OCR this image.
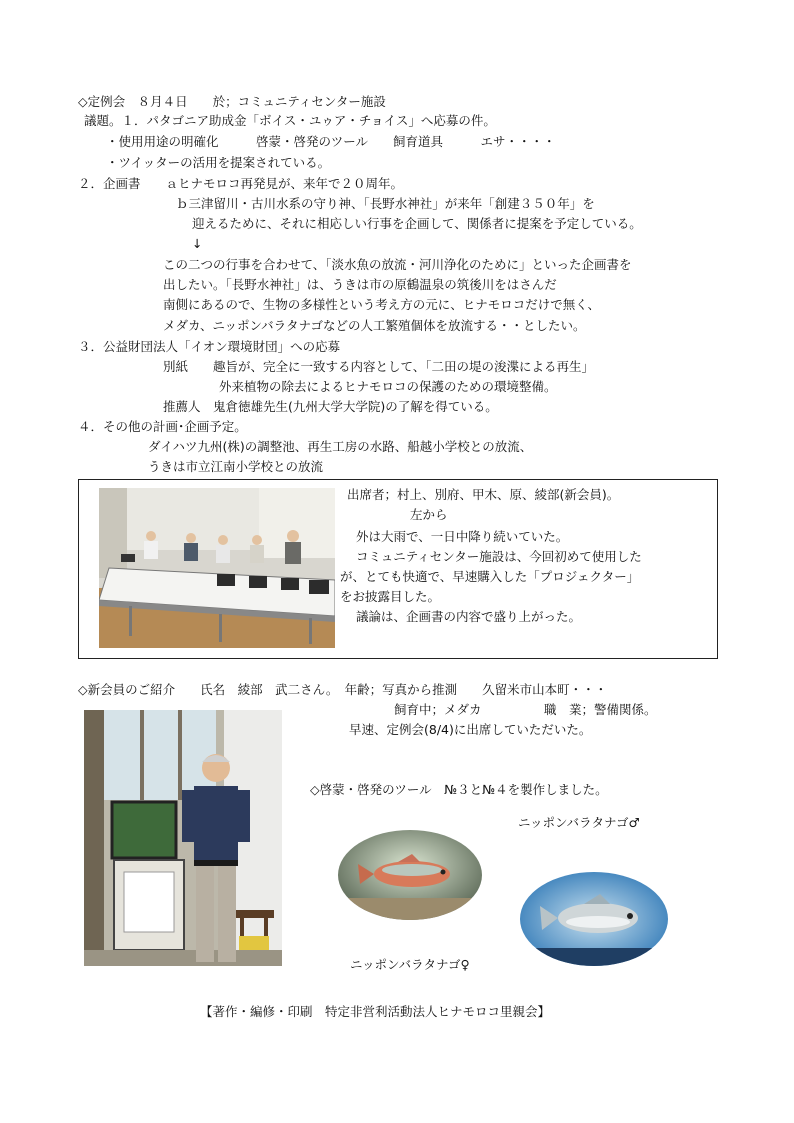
◇定例会　８月４日　　於；コミュニティセンター施設
議題。１．パタゴニア助成金「ボイス・ユゥア・チョイス」へ応募の件。
・使用用途の明確化　　　啓蒙・啓発のツール　　飼育道具　　　エサ・・・・
・ツイッターの活用を提案されている。
２．企画書　　ａヒナモロコ再発見が、来年で２０周年。
ｂ三津留川・古川水系の守り神、「長野水神社」が来年「創建３５０年」を
迎えるために、それに相応しい行事を企画して、関係者に提案を予定している。
↓
この二つの行事を合わせて、「淡水魚の放流・河川浄化のために」といった企画書を
出したい。「長野水神社」は、うきは市の原鶴温泉の筑後川をはさんだ
南側にあるので、生物の多様性という考え方の元に、ヒナモロコだけで無く、
メダカ、ニッポンバラタナゴなどの人工繁殖個体を放流する・・としたい。
３．公益財団法人「イオン環境財団」への応募
別紙　　趣旨が、完全に一致する内容として、「二田の堤の浚渫による再生」
外来植物の除去によるヒナモロコの保護のための環境整備。
推薦人　鬼倉徳雄先生(九州大学大学院)の了解を得ている。
４．その他の計画･企画予定。
ダイハツ九州(株)の調整池、再生工房の水路、船越小学校との放流、
うきは市立江南小学校との放流
出席者；村上、別府、甲木、原、綾部(新会員)。
左から
外は大雨で、一日中降り続いていた。
コミュニティセンター施設は、今回初めて使用した
が、とても快適で、早速購入した「プロジェクター」
をお披露目した。
議論は、企画書の内容で盛り上がった。
◇新会員のご紹介　　氏名　綾部　武二さん。　年齢；写真から推測　　久留米市山本町・・・
飼育中；メダカ　　　　　職　業；警備関係。
早速、定例会(8/4)に出席していただいた。
◇啓蒙・啓発のツール　№３と№４を製作しました。
ニッポンバラタナゴ♂
ニッポンバラタナゴ♀
【著作・編修・印刷　特定非営利活動法人ヒナモロコ里親会】
